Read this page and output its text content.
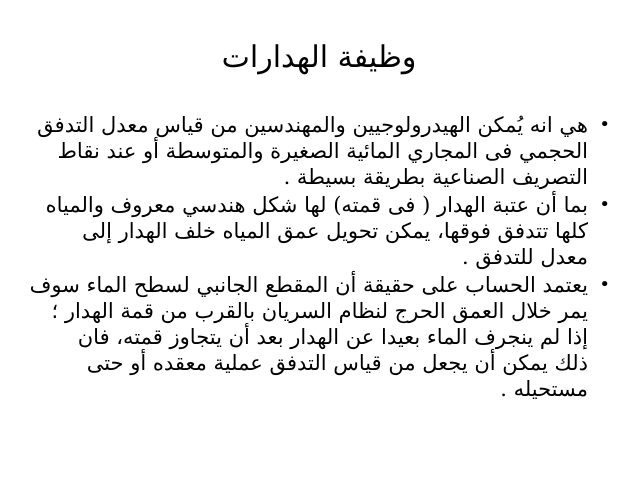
وظيفة الهدارات
•
هي انه يُمكن الهيدرولوجيين والمهندسين من قياس معدل التدفق
الحجمي فى المجاري المائية الصغيرة والمتوسطة أو عند نقاط
التصريف الصناعية بطريقة بسيطة .
•
بما أن عتبة الهدار ( فى قمته) لها شكل هندسي معروف والمياه
كلها تتدفق فوقها، يمكن تحويل عمق المياه خلف الهدار إلى
معدل للتدفق .
•
يعتمد الحساب على حقيقة أن المقطع الجانبي لسطح الماء سوف
يمر خلال العمق الحرج لنظام السريان بالقرب من قمة الهدار ؛
إذا لم ينجرف الماء بعيدا عن الهدار بعد أن يتجاوز قمته، فان
ذلك يمكن أن يجعل من قياس التدفق عملية معقده أو حتى
مستحيله .
